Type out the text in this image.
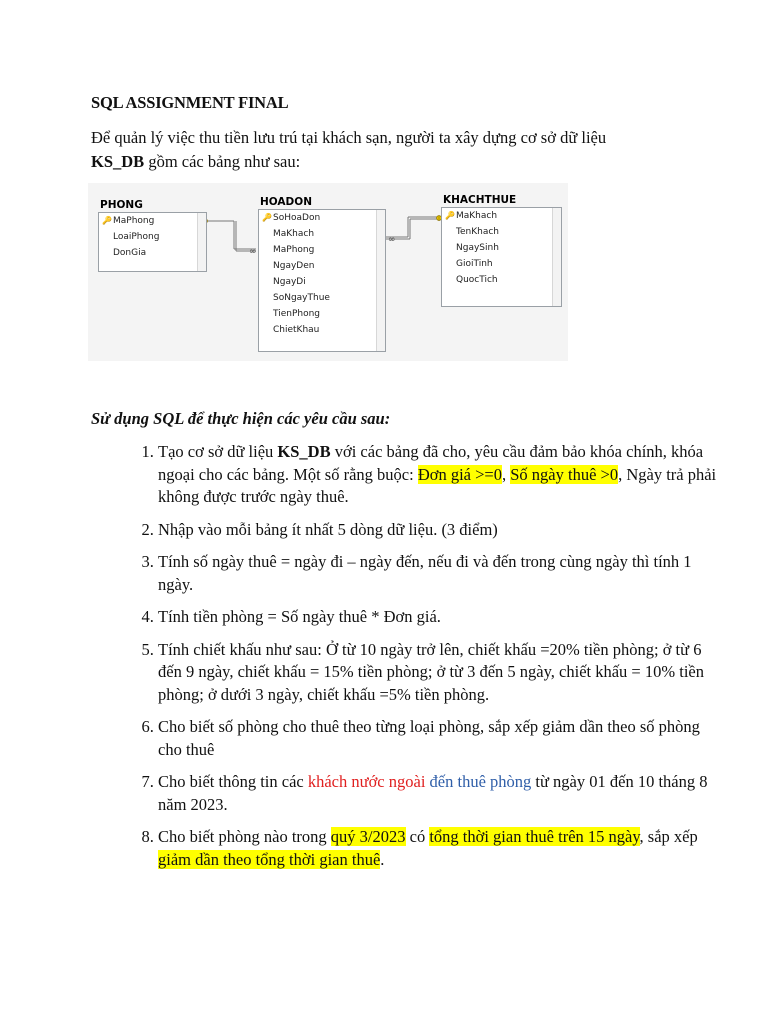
SQL ASSIGNMENT FINAL
Để quản lý việc thu tiền lưu trú tại khách sạn, người ta xây dựng cơ sở dữ liệu
KS_DB gồm các bảng như sau:
∞
∞
PHONG
🔑 MaPhong
LoaiPhong
DonGia
HOADON
🔑 SoHoaDon
MaKhach
MaPhong
NgayDen
NgayDi
SoNgayThue
TienPhong
ChietKhau
KHACHTHUE
🔑 MaKhach
TenKhach
NgaySinh
GioiTinh
QuocTich
Sử dụng SQL để thực hiện các yêu cầu sau:
1. Tạo cơ sở dữ liệu KS_DB với các bảng đã cho, yêu cầu đảm bảo khóa chính, khóa ngoại cho các bảng. Một số rằng buộc: Đơn giá >=0, Số ngày thuê >0, Ngày trả phải không được trước ngày thuê.
2. Nhập vào mỗi bảng ít nhất 5 dòng dữ liệu. (3 điểm)
3. Tính số ngày thuê = ngày đi – ngày đến, nếu đi và đến trong cùng ngày thì tính 1 ngày.
4. Tính tiền phòng = Số ngày thuê * Đơn giá.
5. Tính chiết khấu như sau: Ở từ 10 ngày trở lên, chiết khấu =20% tiền phòng; ở từ 6 đến 9 ngày, chiết khấu = 15% tiền phòng; ở từ 3 đến 5 ngày, chiết khấu = 10% tiền phòng; ở dưới 3 ngày, chiết khấu =5% tiền phòng.
6. Cho biết số phòng cho thuê theo từng loại phòng, sắp xếp giảm dần theo số phòng cho thuê
7. Cho biết thông tin các khách nước ngoài đến thuê phòng từ ngày 01 đến 10 tháng 8 năm 2023.
8. Cho biết phòng nào trong quý 3/2023 có tổng thời gian thuê trên 15 ngày, sắp xếp giảm dần theo tổng thời gian thuê.
